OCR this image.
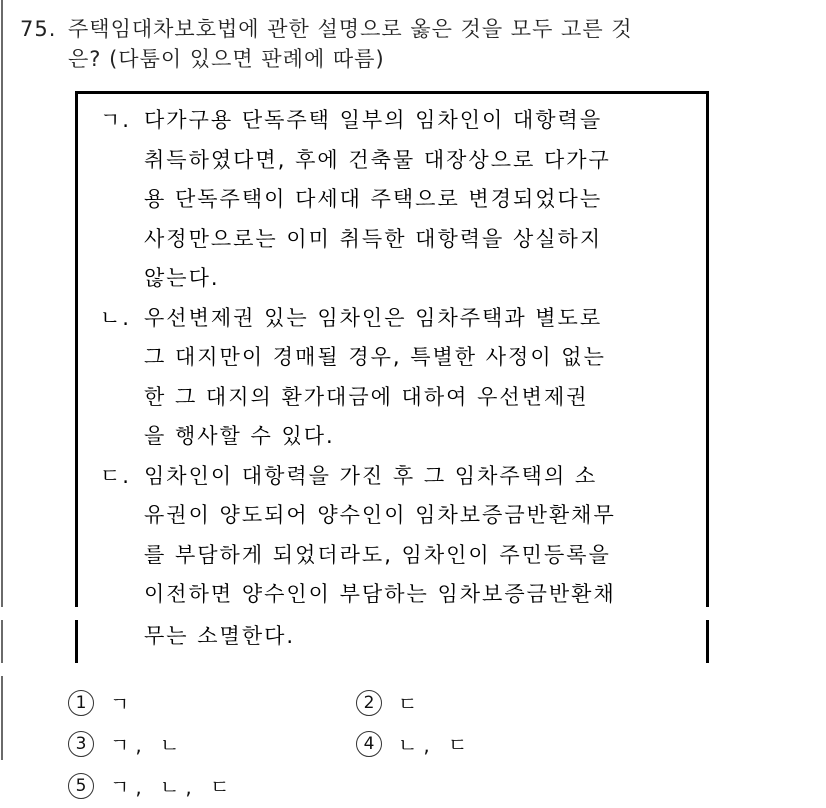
75. 주택임대차보호법에 관한 설명으로 옳은 것을 모두 고른 것
은? (다툼이 있으면 판례에 따름)
ㄱ. 다가구용 단독주택 일부의 임차인이 대항력을
취득하였다면, 후에 건축물 대장상으로 다가구
용 단독주택이 다세대 주택으로 변경되었다는
사정만으로는 이미 취득한 대항력을 상실하지
않는다.
ㄴ. 우선변제권 있는 임차인은 임차주택과 별도로
그 대지만이 경매될 경우, 특별한 사정이 없는
한 그 대지의 환가대금에 대하여 우선변제권
을 행사할 수 있다.
ㄷ. 임차인이 대항력을 가진 후 그 임차주택의 소
유권이 양도되어 양수인이 임차보증금반환채무
를 부담하게 되었더라도, 임차인이 주민등록을
이전하면 양수인이 부담하는 임차보증금반환채
무는 소멸한다.
1 ㄱ	2 ㄷ
3 ㄱ, ㄴ	4 ㄴ, ㄷ
5 ㄱ, ㄴ, ㄷ
